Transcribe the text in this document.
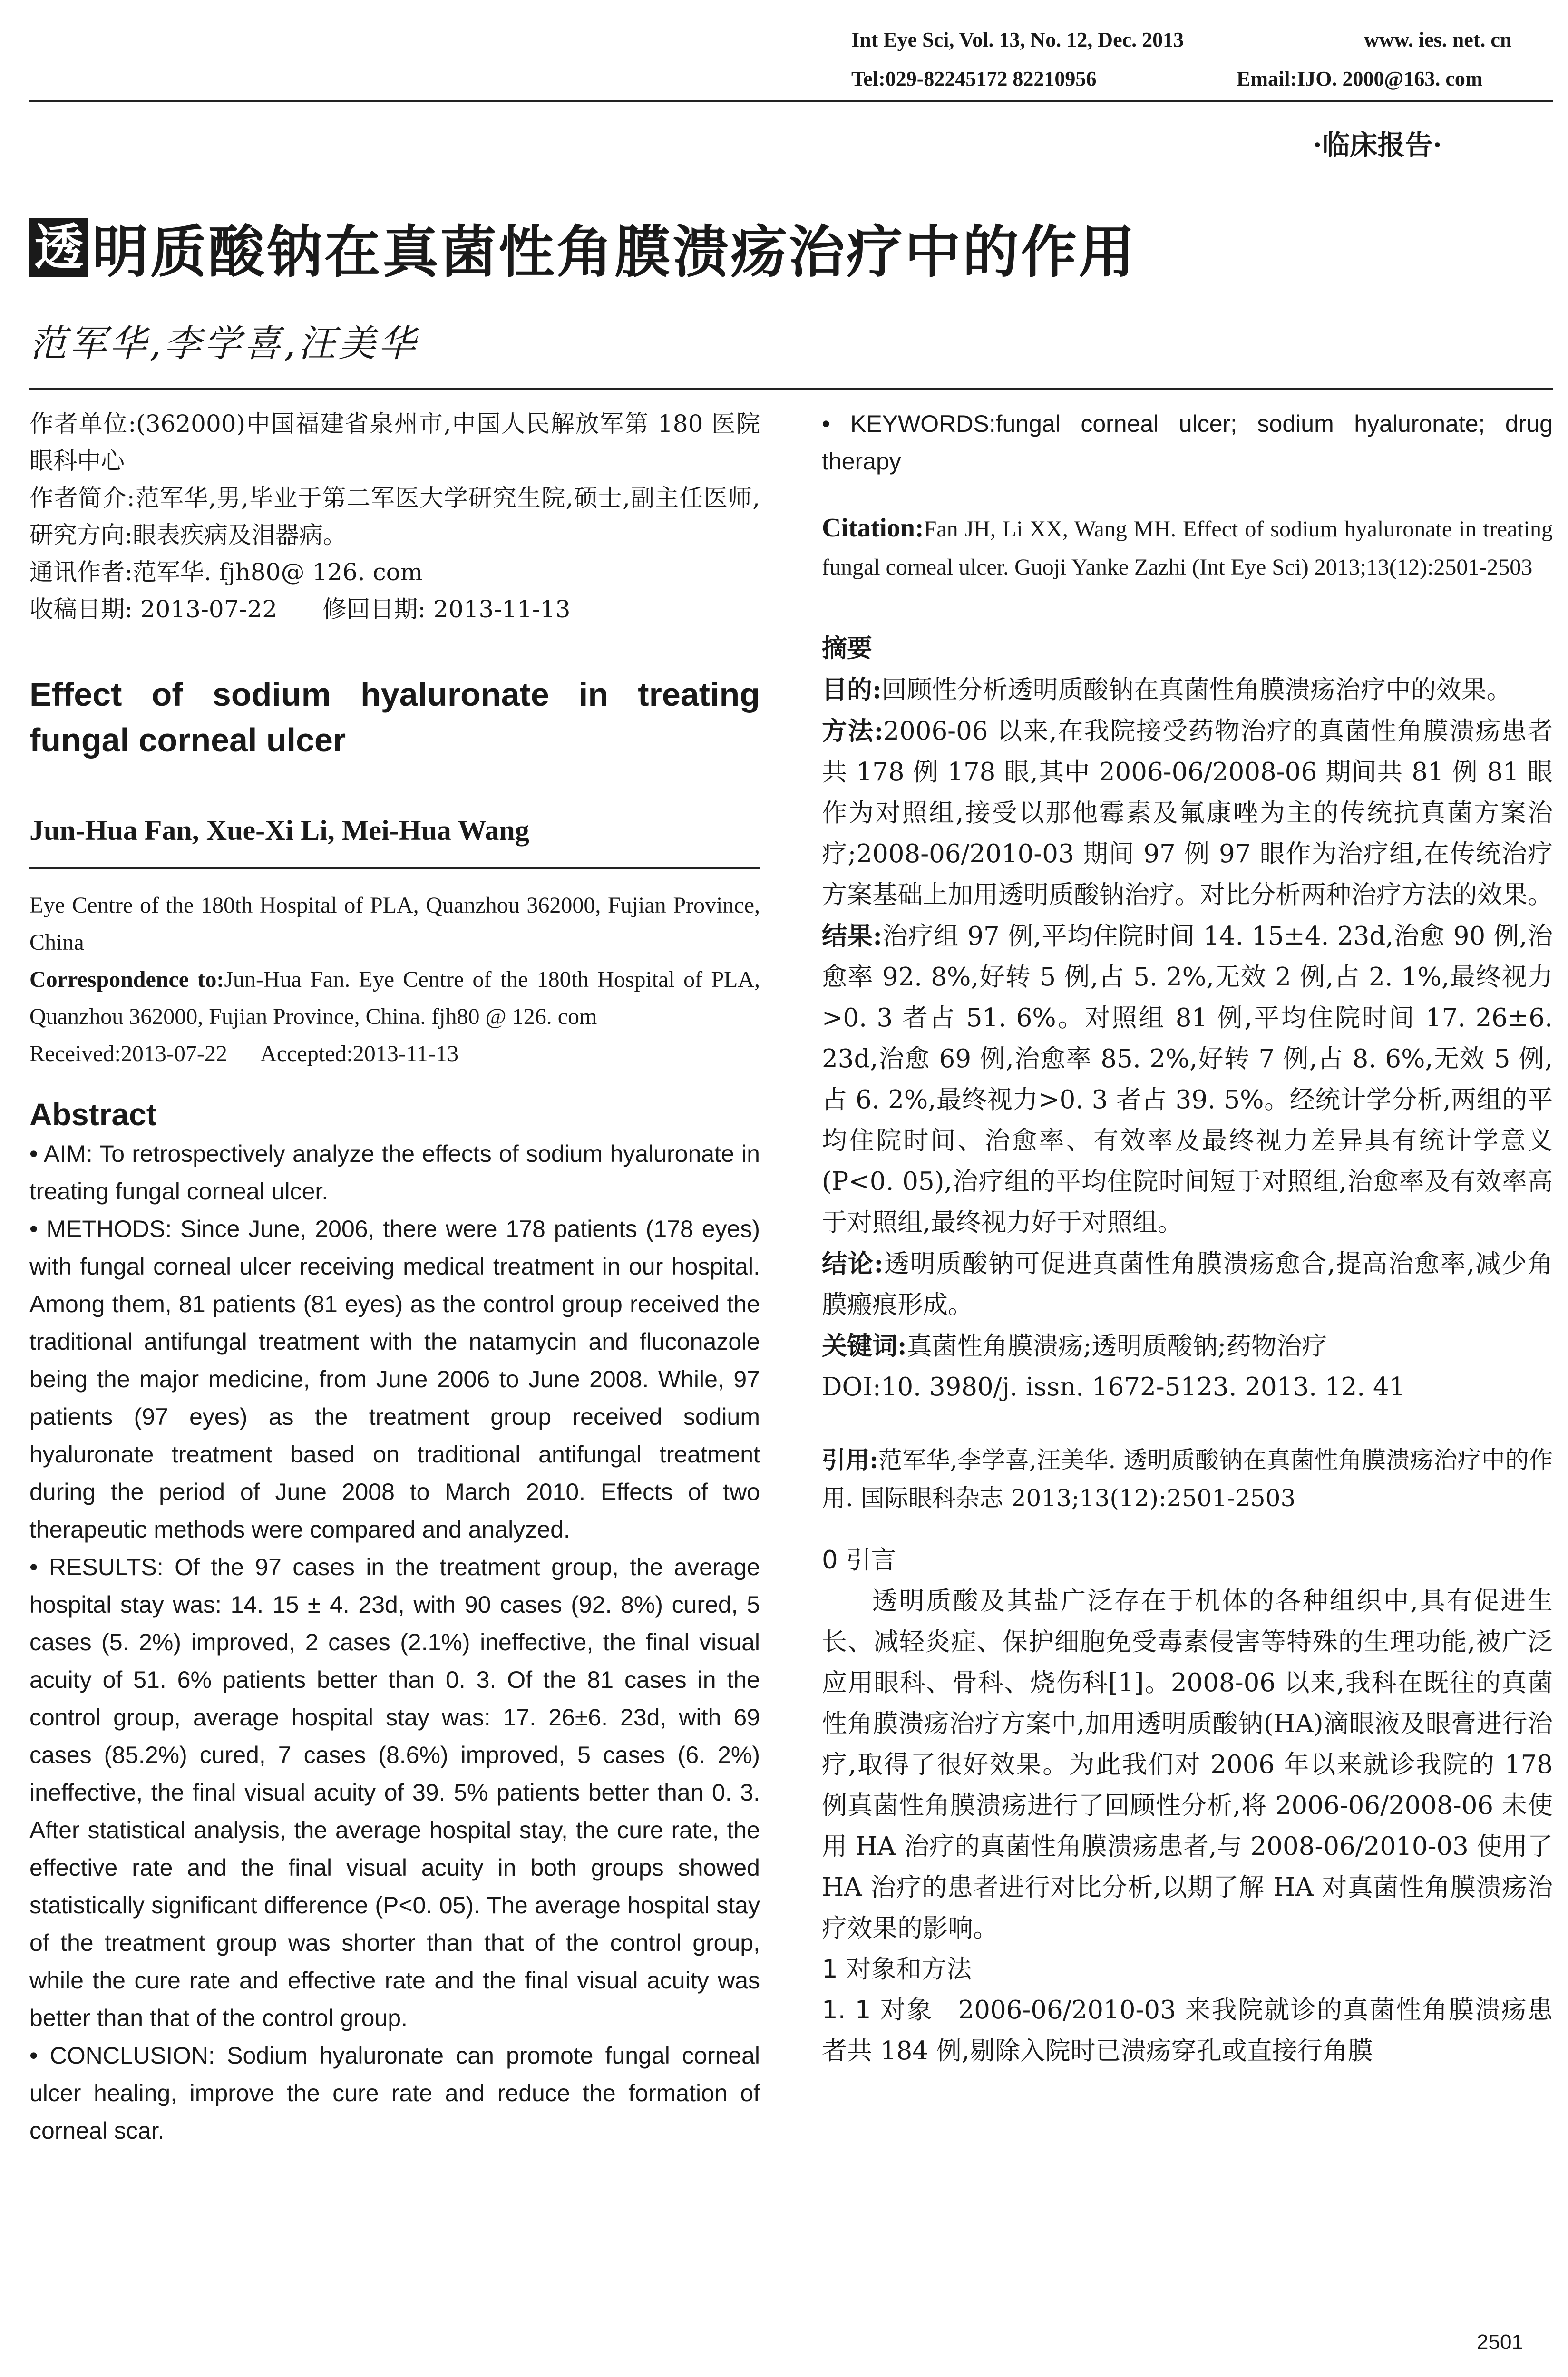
Int Eye Sci, Vol. 13, No. 12, Dec. 2013	www. ies. net. cn
Tel:029-82245172 82210956	Email:IJO. 2000@163. com
·临床报告·
透 明质酸钠在真菌性角膜溃疡治疗中的作用
范军华,李学喜,汪美华

作者单位:(362000)中国福建省泉州市,中国人民解放军第 180 医院眼科中心

作者简介:范军华,男,毕业于第二军医大学研究生院,硕士,副主任医师,研究方向:眼表疾病及泪器病。

通讯作者:范军华. fjh80@ 126. com

收稿日期: 2013-07-22      修回日期: 2013-11-13

Effect of sodium hyaluronate in treating fungal corneal ulcer
Jun-Hua Fan, Xue-Xi Li, Mei-Hua Wang

Eye Centre of the 180th Hospital of PLA, Quanzhou 362000, Fujian Province, China

Correspondence to:Jun-Hua Fan. Eye Centre of the 180th Hospital of PLA, Quanzhou 362000, Fujian Province, China. fjh80 @ 126. com

Received:2013-07-22      Accepted:2013-11-13

Abstract

• AIM: To retrospectively analyze the effects of sodium hyaluronate in treating fungal corneal ulcer.

• METHODS: Since June, 2006, there were 178 patients (178 eyes) with fungal corneal ulcer receiving medical treatment in our hospital. Among them, 81 patients (81 eyes) as the control group received the traditional antifungal treatment with the natamycin and fluconazole being the major medicine, from June 2006 to June 2008. While, 97 patients (97 eyes) as the treatment group received sodium hyaluronate treatment based on traditional antifungal treatment during the period of June 2008 to March 2010. Effects of two therapeutic methods were compared and analyzed.

• RESULTS: Of the 97 cases in the treatment group, the average hospital stay was: 14. 15 ± 4. 23d, with 90 cases (92. 8%) cured, 5 cases (5. 2%) improved, 2 cases (2.1%) ineffective, the final visual acuity of 51. 6% patients better than 0. 3. Of the 81 cases in the control group, average hospital stay was: 17. 26±6. 23d, with 69 cases (85.2%) cured, 7 cases (8.6%) improved, 5 cases (6. 2%) ineffective, the final visual acuity of 39. 5% patients better than 0. 3. After statistical analysis, the average hospital stay, the cure rate, the effective rate and the final visual acuity in both groups showed statistically significant difference (P<0. 05). The average hospital stay of the treatment group was shorter than that of the control group, while the cure rate and effective rate and the final visual acuity was better than that of the control group.

• CONCLUSION: Sodium hyaluronate can promote fungal corneal ulcer healing, improve the cure rate and reduce the formation of corneal scar.

• KEYWORDS:fungal corneal ulcer; sodium hyaluronate; drug therapy

Citation:Fan JH, Li XX, Wang MH. Effect of sodium hyaluronate in treating fungal corneal ulcer. Guoji Yanke Zazhi (Int Eye Sci) 2013;13(12):2501-2503

摘要

目的:回顾性分析透明质酸钠在真菌性角膜溃疡治疗中的效果。

方法:2006-06 以来,在我院接受药物治疗的真菌性角膜溃疡患者共 178 例 178 眼,其中 2006-06/2008-06 期间共 81 例 81 眼作为对照组,接受以那他霉素及氟康唑为主的传统抗真菌方案治疗;2008-06/2010-03 期间 97 例 97 眼作为治疗组,在传统治疗方案基础上加用透明质酸钠治疗。对比分析两种治疗方法的效果。

结果:治疗组 97 例,平均住院时间 14. 15±4. 23d,治愈 90 例,治愈率 92. 8%,好转 5 例,占 5. 2%,无效 2 例,占 2. 1%,最终视力>0. 3 者占 51. 6%。对照组 81 例,平均住院时间 17. 26±6. 23d,治愈 69 例,治愈率 85. 2%,好转 7 例,占 8. 6%,无效 5 例,占 6. 2%,最终视力>0. 3 者占 39. 5%。经统计学分析,两组的平均住院时间、治愈率、有效率及最终视力差异具有统计学意义(P<0. 05),治疗组的平均住院时间短于对照组,治愈率及有效率高于对照组,最终视力好于对照组。

结论:透明质酸钠可促进真菌性角膜溃疡愈合,提高治愈率,减少角膜瘢痕形成。

关键词:真菌性角膜溃疡;透明质酸钠;药物治疗

DOI:10. 3980/j. issn. 1672-5123. 2013. 12. 41

引用:范军华,李学喜,汪美华. 透明质酸钠在真菌性角膜溃疡治疗中的作用. 国际眼科杂志 2013;13(12):2501-2503

0 引言

透明质酸及其盐广泛存在于机体的各种组织中,具有促进生长、减轻炎症、保护细胞免受毒素侵害等特殊的生理功能,被广泛应用眼科、骨科、烧伤科[1]。2008-06 以来,我科在既往的真菌性角膜溃疡治疗方案中,加用透明质酸钠(HA)滴眼液及眼膏进行治疗,取得了很好效果。为此我们对 2006 年以来就诊我院的 178 例真菌性角膜溃疡进行了回顾性分析,将 2006-06/2008-06 未使用 HA 治疗的真菌性角膜溃疡患者,与 2008-06/2010-03 使用了 HA 治疗的患者进行对比分析,以期了解 HA 对真菌性角膜溃疡治疗效果的影响。

1 对象和方法

1. 1 对象 2006-06/2010-03 来我院就诊的真菌性角膜溃疡患者共 184 例,剔除入院时已溃疡穿孔或直接行角膜

2501
